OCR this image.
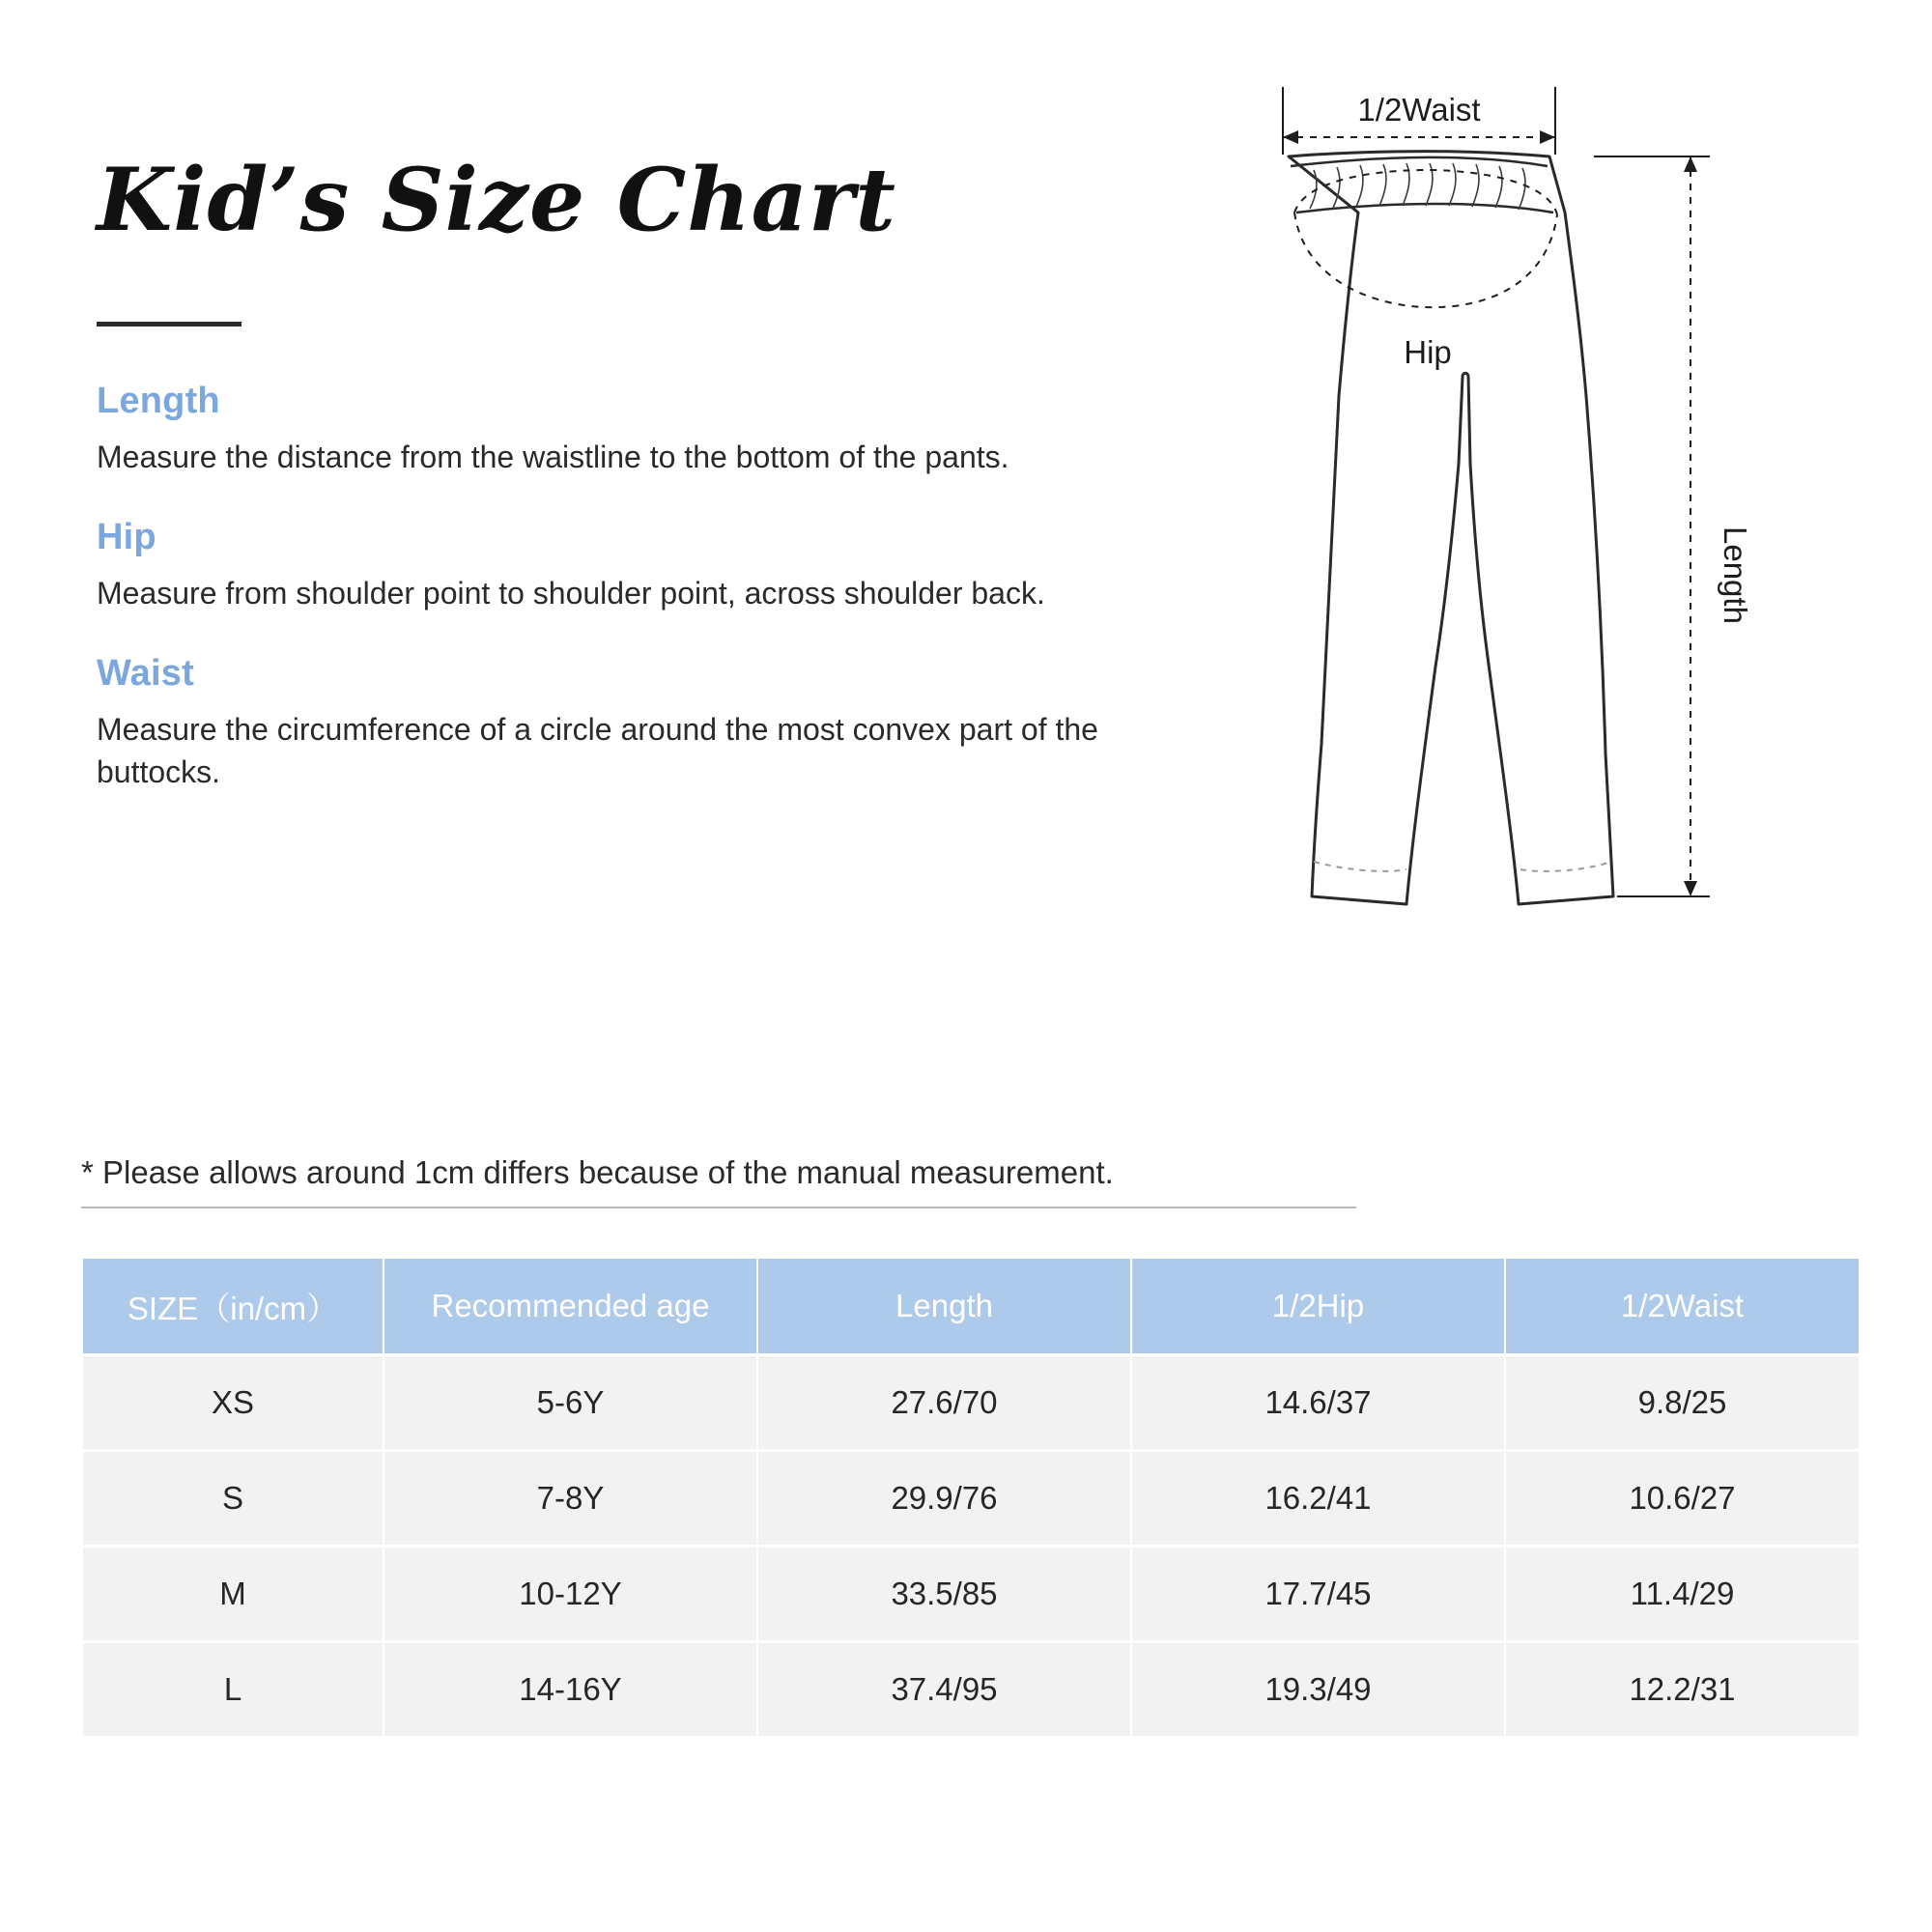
Kid’s Size Chart
Length

Measure the distance from the waistline to the bottom of the pants.

Hip

Measure from shoulder point to shoulder point, across shoulder back.

Waist

Measure the circumference of a circle around the most convex part of the buttocks.

1/2Waist
Hip
Length
* Please allows around 1cm differs because of the manual measurement.
SIZE（in/cm）	Recommended age	Length	1/2Hip	1/2Waist
XS	5-6Y	27.6/70	14.6/37	9.8/25
S	7-8Y	29.9/76	16.2/41	10.6/27
M	10-12Y	33.5/85	17.7/45	11.4/29
L	14-16Y	37.4/95	19.3/49	12.2/31
